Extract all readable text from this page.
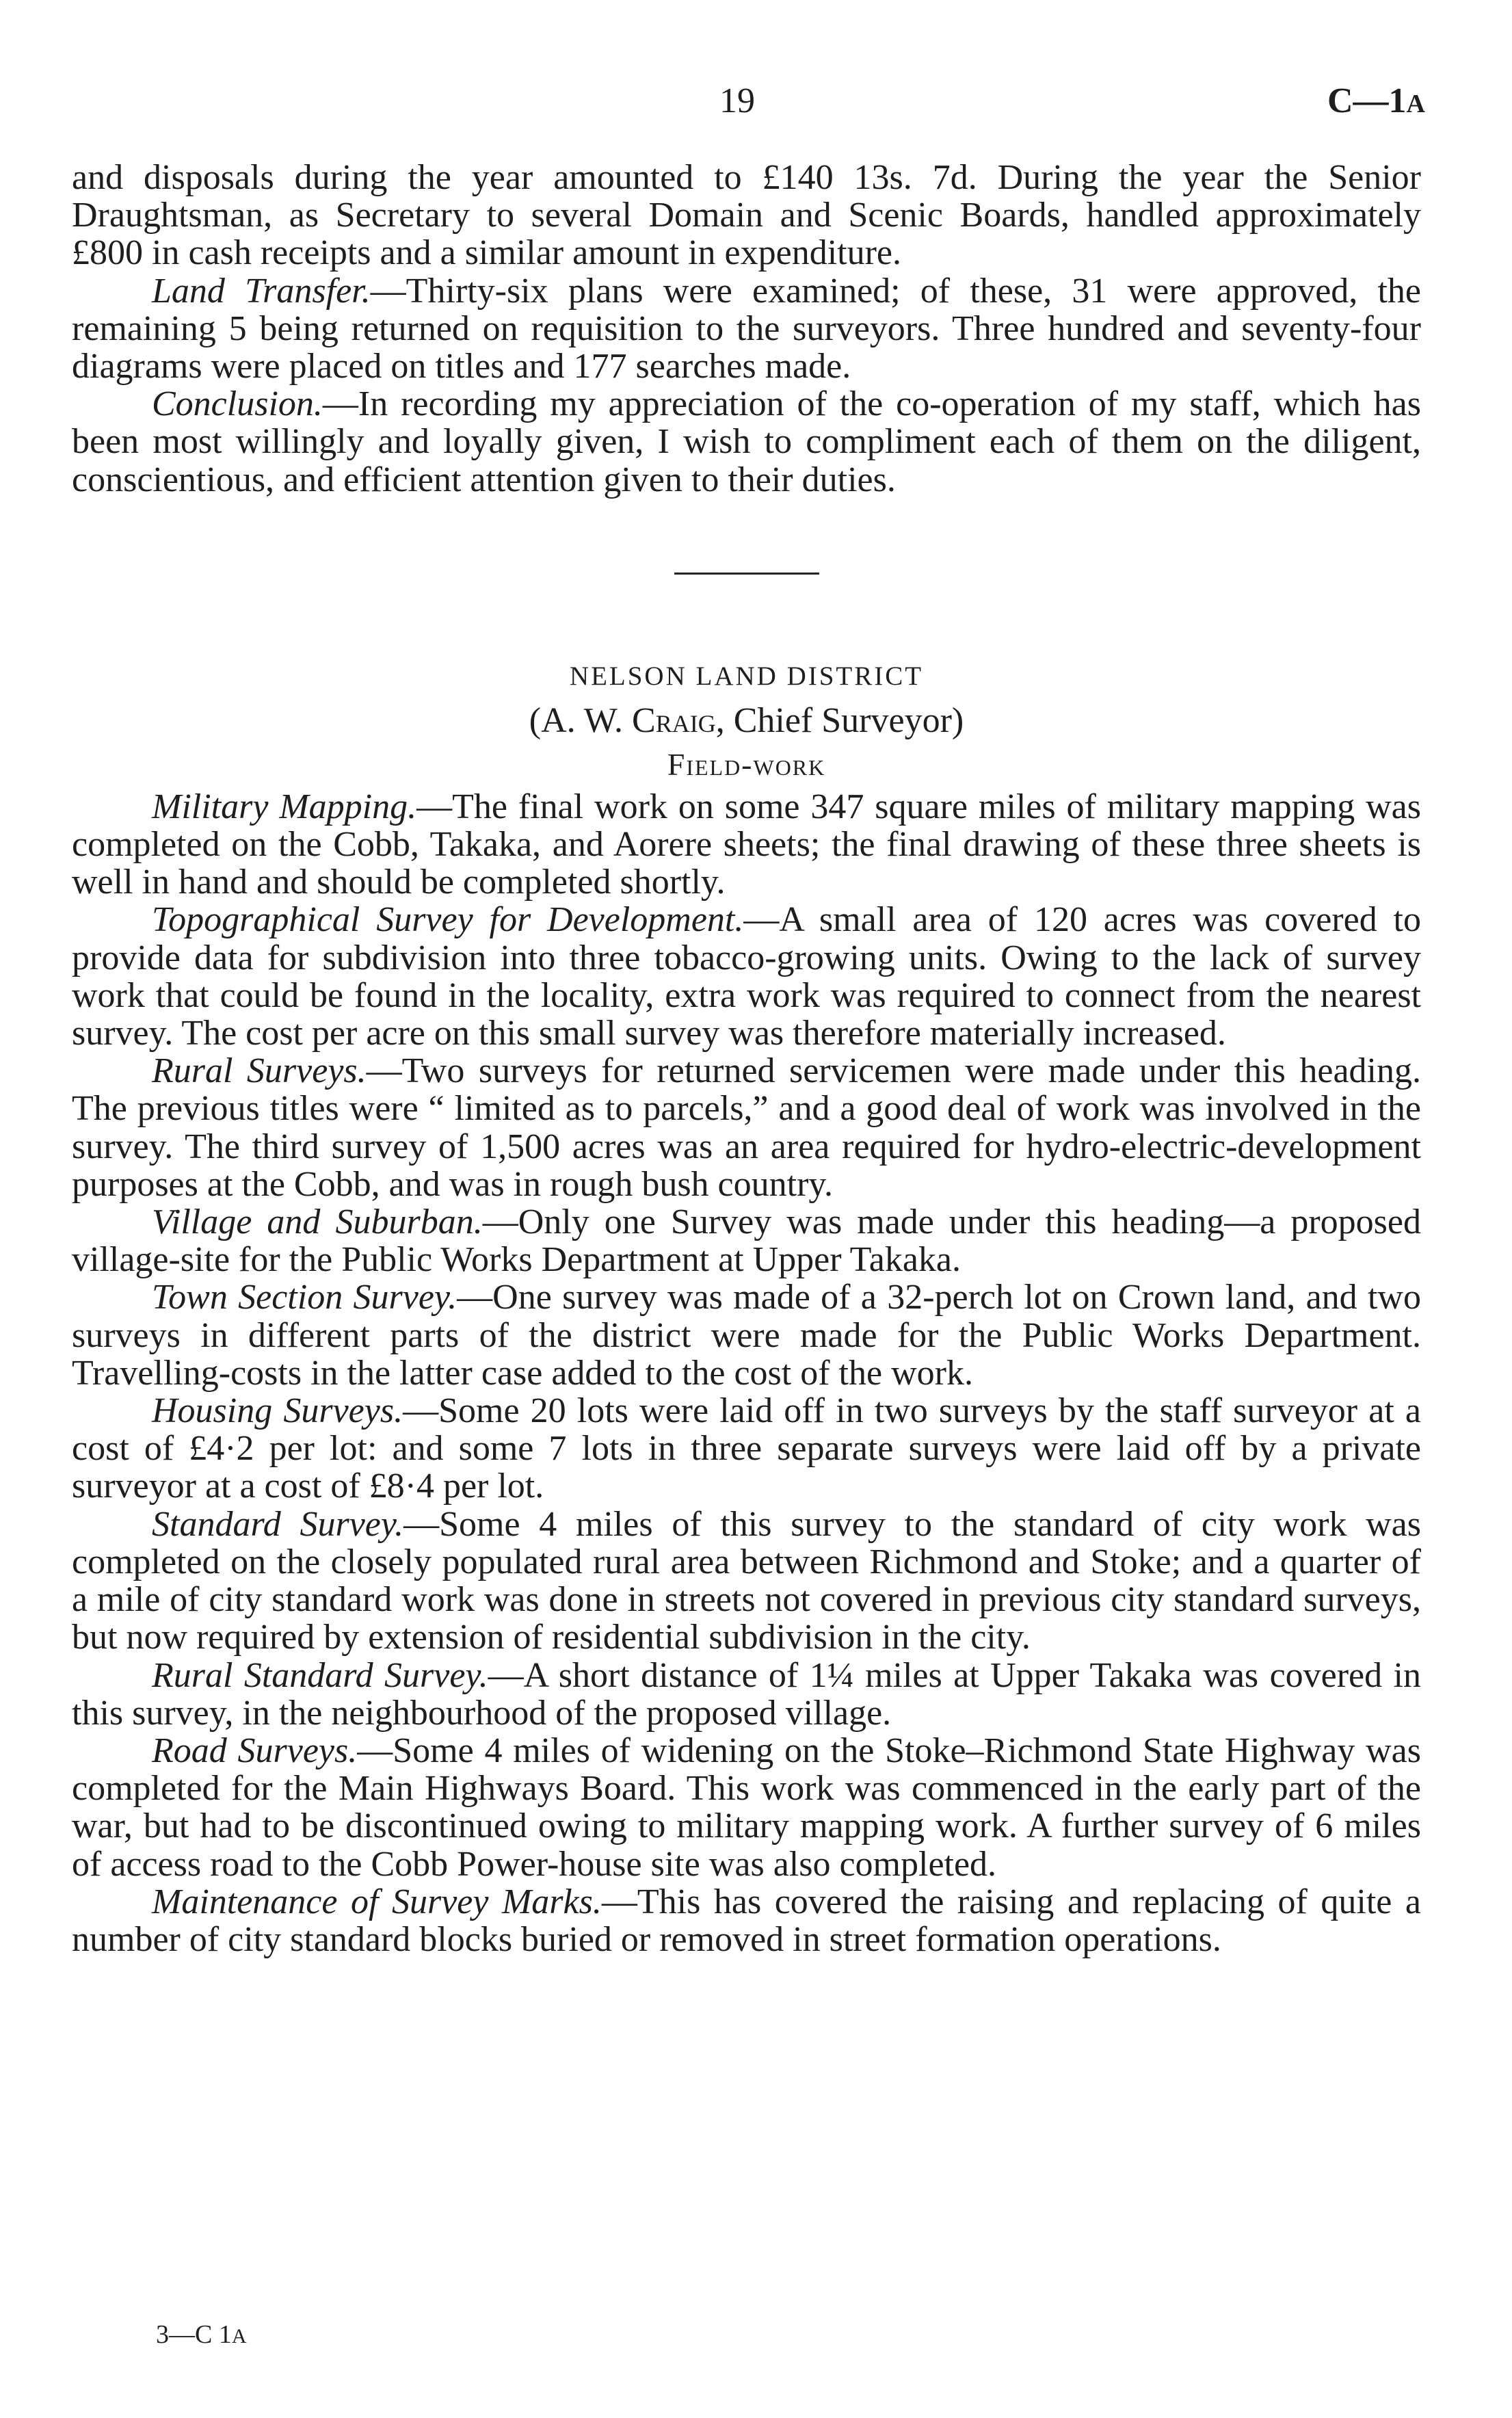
19	C—1A

and disposals during the year amounted to £140 13s. 7d. During the year the Senior Draughtsman, as Secretary to several Domain and Scenic Boards, handled approximately £800 in cash receipts and a similar amount in expenditure.

Land Transfer.—Thirty-six plans were examined; of these, 31 were approved, the remaining 5 being returned on requisition to the surveyors. Three hundred and seventy-four diagrams were placed on titles and 177 searches made.

Conclusion.—In recording my appreciation of the co-operation of my staff, which has been most willingly and loyally given, I wish to compliment each of them on the diligent, conscientious, and efficient attention given to their duties.

NELSON LAND DISTRICT
(A. W. Craig, Chief Surveyor)
Field-work

Military Mapping.—The final work on some 347 square miles of military mapping was completed on the Cobb, Takaka, and Aorere sheets; the final drawing of these three sheets is well in hand and should be completed shortly.

Topographical Survey for Development.—A small area of 120 acres was covered to provide data for subdivision into three tobacco-growing units. Owing to the lack of survey work that could be found in the locality, extra work was required to connect from the nearest survey. The cost per acre on this small survey was therefore materially increased.

Rural Surveys.—Two surveys for returned servicemen were made under this heading. The previous titles were “ limited as to parcels,” and a good deal of work was involved in the survey. The third survey of 1,500 acres was an area required for hydro-electric-development purposes at the Cobb, and was in rough bush country.

Village and Suburban.—Only one Survey was made under this heading—a proposed village-site for the Public Works Department at Upper Takaka.

Town Section Survey.—One survey was made of a 32-perch lot on Crown land, and two surveys in different parts of the district were made for the Public Works Department. Travelling-costs in the latter case added to the cost of the work.

Housing Surveys.—Some 20 lots were laid off in two surveys by the staff surveyor at a cost of £4·2 per lot: and some 7 lots in three separate surveys were laid off by a private surveyor at a cost of £8·4 per lot.

Standard Survey.—Some 4 miles of this survey to the standard of city work was completed on the closely populated rural area between Richmond and Stoke; and a quarter of a mile of city standard work was done in streets not covered in previous city standard surveys, but now required by extension of residential subdivision in the city.

Rural Standard Survey.—A short distance of 1¼ miles at Upper Takaka was covered in this survey, in the neighbourhood of the proposed village.

Road Surveys.—Some 4 miles of widening on the Stoke–Richmond State Highway was completed for the Main Highways Board. This work was commenced in the early part of the war, but had to be discontinued owing to military mapping work. A further survey of 6 miles of access road to the Cobb Power-house site was also completed.

Maintenance of Survey Marks.—This has covered the raising and replacing of quite a number of city standard blocks buried or removed in street formation operations.

3—C 1A
